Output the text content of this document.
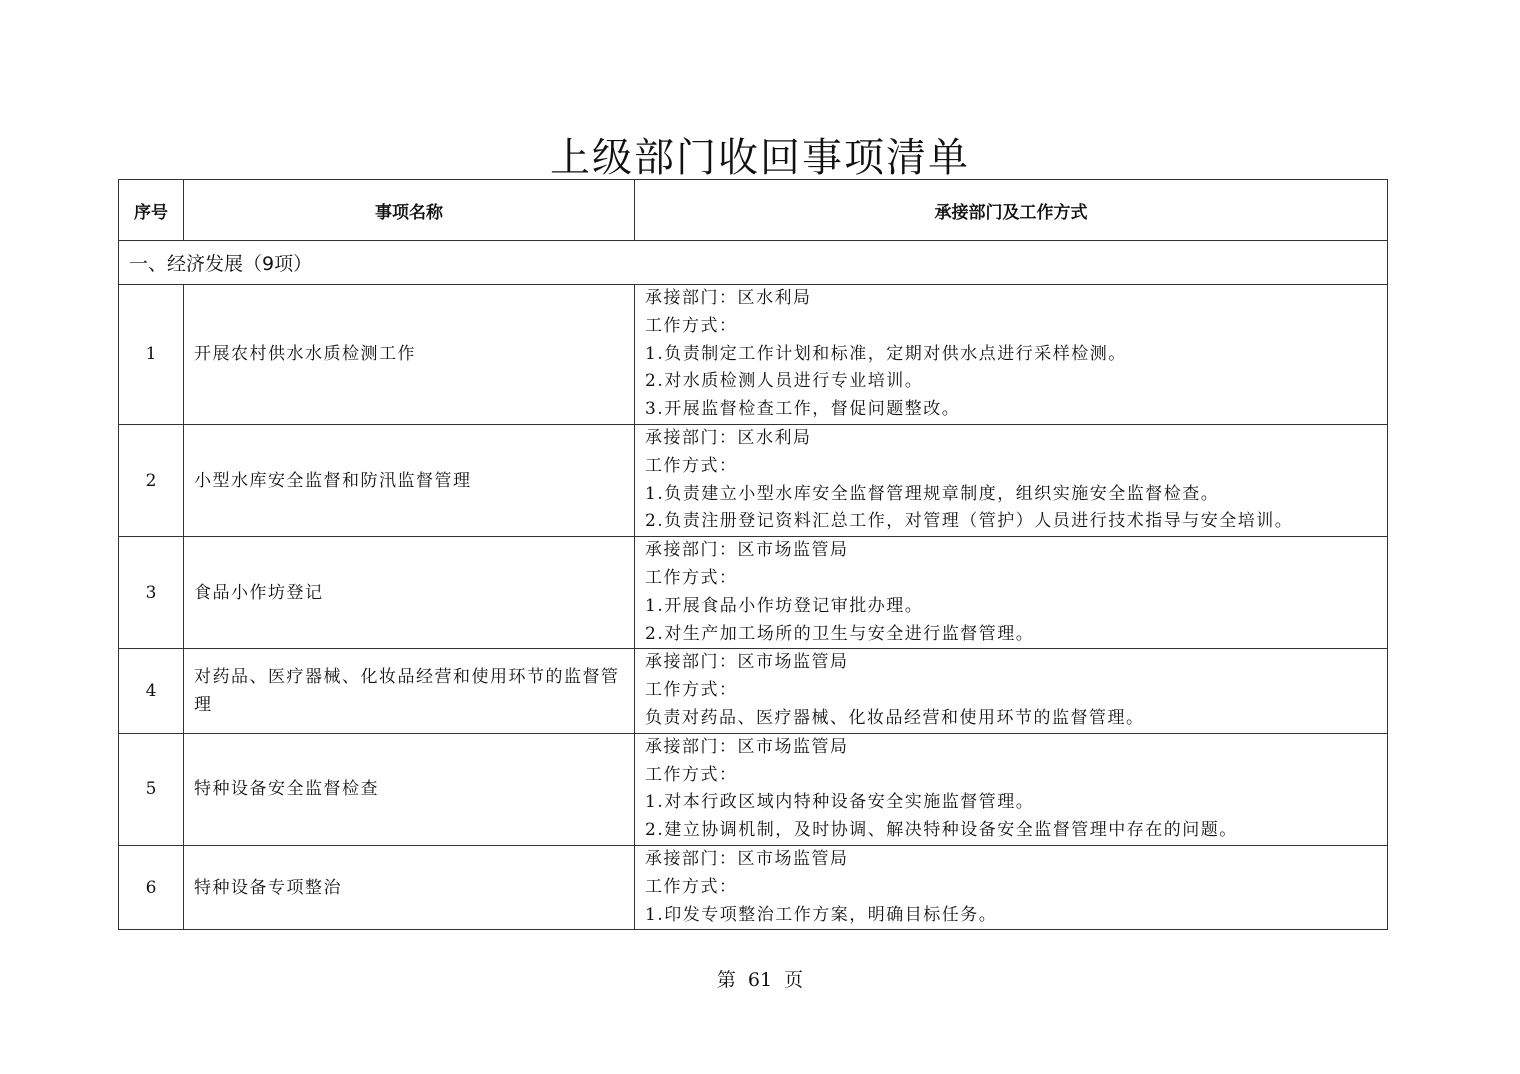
上级部门收回事项清单
序号	事项名称	承接部门及工作方式
一、经济发展（9项）		
1	开展农村供水水质检测工作	承接部门：区水利局
工作方式：
1.负责制定工作计划和标准，定期对供水点进行采样检测。
2.对水质检测人员进行专业培训。
3.开展监督检查工作，督促问题整改。

2	小型水库安全监督和防汛监督管理	承接部门：区水利局
工作方式：
1.负责建立小型水库安全监督管理规章制度，组织实施安全监督检查。
2.负责注册登记资料汇总工作，对管理（管护）人员进行技术指导与安全培训。

3	食品小作坊登记	承接部门：区市场监管局
工作方式：
1.开展食品小作坊登记审批办理。
2.对生产加工场所的卫生与安全进行监督管理。

4	对药品、医疗器械、化妆品经营和使用环节的监督管理	承接部门：区市场监管局
工作方式：
负责对药品、医疗器械、化妆品经营和使用环节的监督管理。

5	特种设备安全监督检查	承接部门：区市场监管局
工作方式：
1.对本行政区域内特种设备安全实施监督管理。
2.建立协调机制，及时协调、解决特种设备安全监督管理中存在的问题。

6	特种设备专项整治	承接部门：区市场监管局
工作方式：
1.印发专项整治工作方案，明确目标任务。
第 61 页
